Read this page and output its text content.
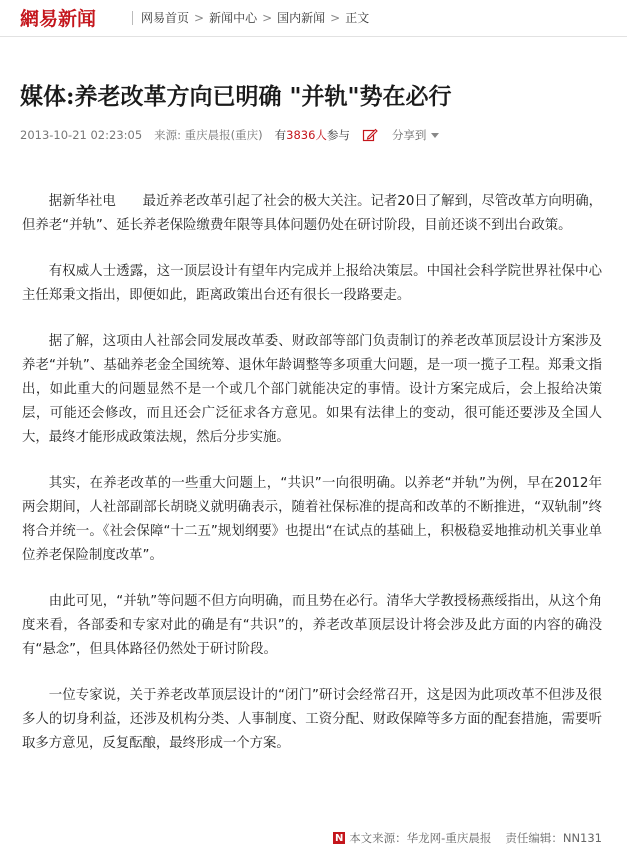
網易新闻	网易首页 > 新闻中心 > 国内新闻 > 正文
媒体:养老改革方向已明确 "并轨"势在必行
2013-10-21 02:23:05 来源: 重庆晨报(重庆) 有3836人参与	分享到

据新华社电　　最近养老改革引起了社会的极大关注。记者20日了解到，尽管改革方向明确，但养老“并轨”、延长养老保险缴费年限等具体问题仍处在研讨阶段，目前还谈不到出台政策。

有权威人士透露，这一顶层设计有望年内完成并上报给决策层。中国社会科学院世界社保中心主任郑秉文指出，即便如此，距离政策出台还有很长一段路要走。

据了解，这项由人社部会同发展改革委、财政部等部门负责制订的养老改革顶层设计方案涉及养老“并轨”、基础养老金全国统筹、退休年龄调整等多项重大问题，是一项一揽子工程。郑秉文指出，如此重大的问题显然不是一个或几个部门就能决定的事情。设计方案完成后，会上报给决策层，可能还会修改，而且还会广泛征求各方意见。如果有法律上的变动，很可能还要涉及全国人大，最终才能形成政策法规，然后分步实施。

其实，在养老改革的一些重大问题上，“共识”一向很明确。以养老“并轨”为例，早在2012年两会期间，人社部副部长胡晓义就明确表示，随着社保标准的提高和改革的不断推进，“双轨制”终将合并统一。《社会保障“十二五”规划纲要》也提出“在试点的基础上，积极稳妥地推动机关事业单位养老保险制度改革”。

由此可见，“并轨”等问题不但方向明确，而且势在必行。清华大学教授杨燕绥指出，从这个角度来看，各部委和专家对此的确是有“共识”的，养老改革顶层设计将会涉及此方面的内容的确没有“悬念”，但具体路径仍然处于研讨阶段。

一位专家说，关于养老改革顶层设计的“闭门”研讨会经常召开，这是因为此项改革不但涉及很多人的切身利益，还涉及机构分类、人事制度、工资分配、财政保障等多方面的配套措施，需要听取多方意见，反复酝酿，最终形成一个方案。

N 本文来源：华龙网-重庆晨报 责任编辑：NN131
